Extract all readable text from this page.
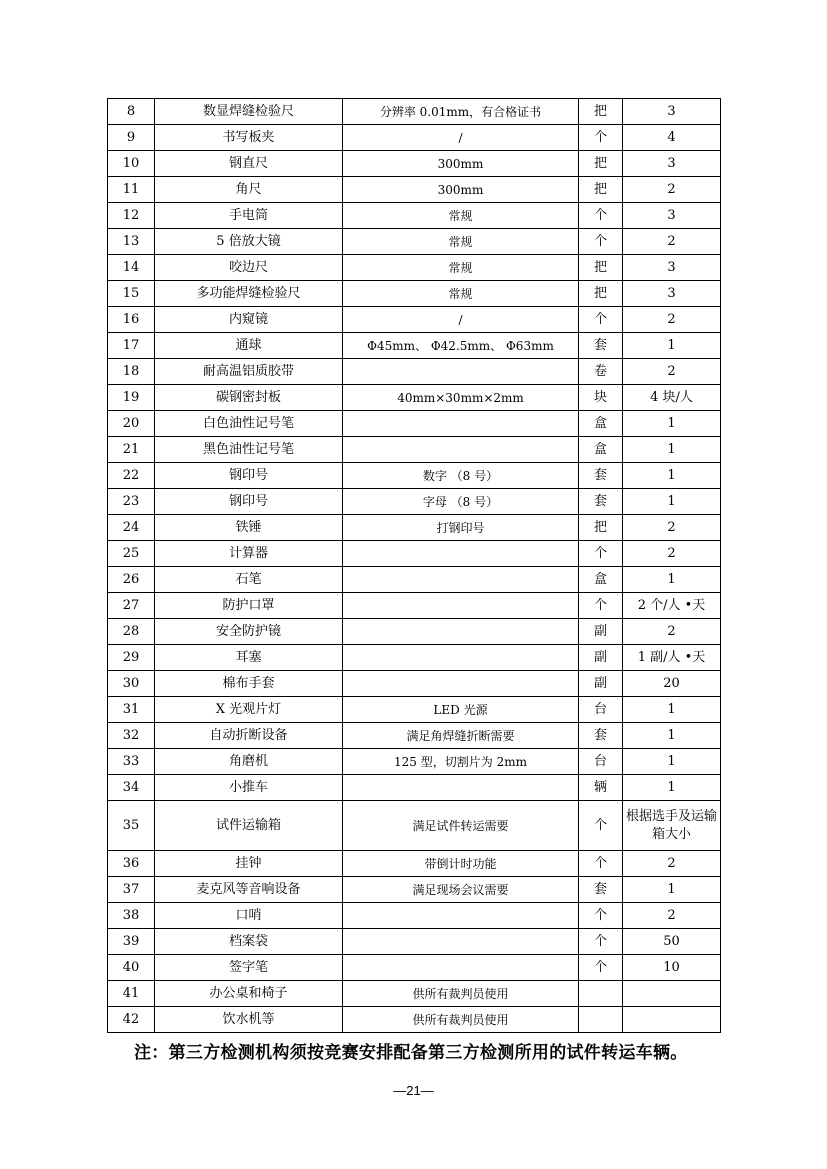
8	数显焊缝检验尺	分辨率 0.01mm，有合格证书	把	3
9	书写板夹	/	个	4
10	钢直尺	300mm	把	3
11	角尺	300mm	把	2
12	手电筒	常规	个	3
13	5 倍放大镜	常规	个	2
14	咬边尺	常规	把	3
15	多功能焊缝检验尺	常规	把	3
16	内窥镜	/	个	2
17	通球	Φ45mm、 Φ42.5mm、 Φ63mm	套	1
18	耐高温铝质胶带		卷	2
19	碳钢密封板	40mm×30mm×2mm	块	4 块/人
20	白色油性记号笔		盒	1
21	黑色油性记号笔		盒	1
22	钢印号	数字 （8 号）	套	1
23	钢印号	字母 （8 号）	套	1
24	铁锤	打钢印号	把	2
25	计算器		个	2
26	石笔		盒	1
27	防护口罩		个	2 个/人 •天
28	安全防护镜		副	2
29	耳塞		副	1 副/人 •天
30	棉布手套		副	20
31	X 光观片灯	LED 光源	台	1
32	自动折断设备	满足角焊缝折断需要	套	1
33	角磨机	125 型，切割片为 2mm	台	1
34	小推车		辆	1
35	试件运输箱	满足试件转运需要	个	根据选手及运输箱大小
36	挂钟	带倒计时功能	个	2
37	麦克风等音响设备	满足现场会议需要	套	1
38	口哨		个	2
39	档案袋		个	50
40	签字笔		个	10
41	办公桌和椅子	供所有裁判员使用		
42	饮水机等	供所有裁判员使用		
注：第三方检测机构须按竞赛安排配备第三方检测所用的试件转运车辆。
—21—
